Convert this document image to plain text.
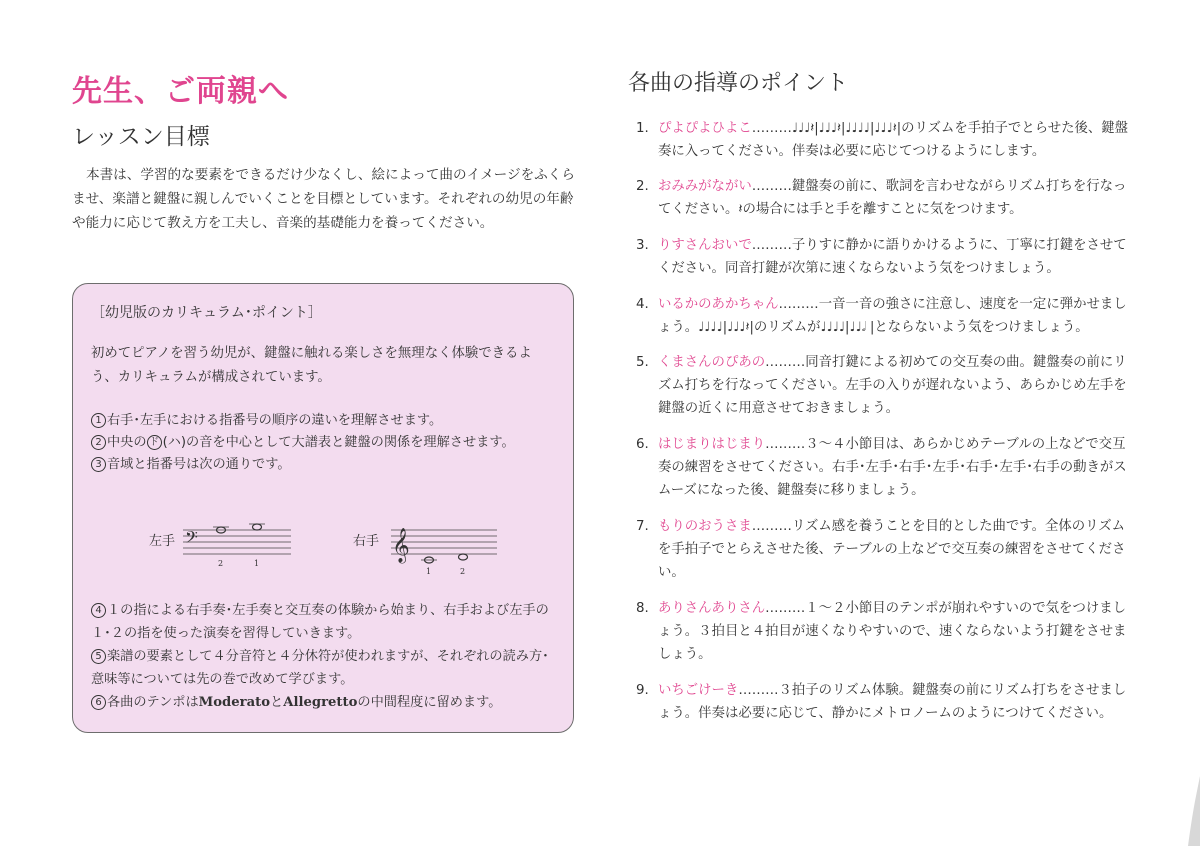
先生、ご両親へ
レッスン目標
本書は、学習的な要素をできるだけ少なくし、絵によって曲のイメージをふくらませ、楽譜と鍵盤に親しんでいくことを目標としています。それぞれの幼児の年齢や能力に応じて教え方を工夫し、音楽的基礎能力を養ってください。
［幼児版のカリキュラム･ポイント］
初めてピアノを習う幼児が、鍵盤に触れる楽しさを無理なく体験できるよう、カリキュラムが構成されています。

1 右手･左手における指番号の順序の違いを理解させます。

2 中央の ド (ハ)の音を中心として大譜表と鍵盤の関係を理解させます。

3 音域と指番号は次の通りです。

左手 𝄢
2	1
右手 𝄞
1	2

4 １の指による右手奏･左手奏と交互奏の体験から始まり、右手および左手の１･２の指を使った演奏を習得していきます。

5 楽譜の要素として４分音符と４分休符が使われますが、それぞれの読み方･意味等については先の巻で改めて学びます。

6 各曲のテンポはModeratoとAllegrettoの中間程度に留めます。

各曲の指導のポイント
1. ぴよぴよひよこ………♩♩♩𝄽|♩♩♩𝄽|♩♩♩♩|♩♩♩𝄽|のリズムを手拍子でとらせた後、鍵盤奏に入ってください。伴奏は必要に応じてつけるようにします。
2. おみみがながい………鍵盤奏の前に、歌詞を言わせながらリズム打ちを行なってください。𝄽の場合には手と手を離すことに気をつけます。
3. りすさんおいで………子りすに静かに語りかけるように、丁寧に打鍵をさせてください。同音打鍵が次第に速くならないよう気をつけましょう。
4. いるかのあかちゃん………一音一音の強さに注意し、速度を一定に弾かせましょう。♩♩♩♩|♩♩♩𝄽|のリズムが♩♩♩♩|♩♩𝅗𝅥 |とならないよう気をつけましょう。
5. くまさんのぴあの………同音打鍵による初めての交互奏の曲。鍵盤奏の前にリズム打ちを行なってください。左手の入りが遅れないよう、あらかじめ左手を鍵盤の近くに用意させておきましょう。
6. はじまりはじまり………３～４小節目は、あらかじめテーブルの上などで交互奏の練習をさせてください。右手･左手･右手･左手･右手･左手･右手の動きがスムーズになった後、鍵盤奏に移りましょう。
7. もりのおうさま………リズム感を養うことを目的とした曲です。全体のリズムを手拍子でとらえさせた後、テーブルの上などで交互奏の練習をさせてください。
8. ありさんありさん………１～２小節目のテンポが崩れやすいので気をつけましょう。３拍目と４拍目が速くなりやすいので、速くならないよう打鍵をさせましょう。
9. いちごけーき………３拍子のリズム体験。鍵盤奏の前にリズム打ちをさせましょう。伴奏は必要に応じて、静かにメトロノームのようにつけてください。
